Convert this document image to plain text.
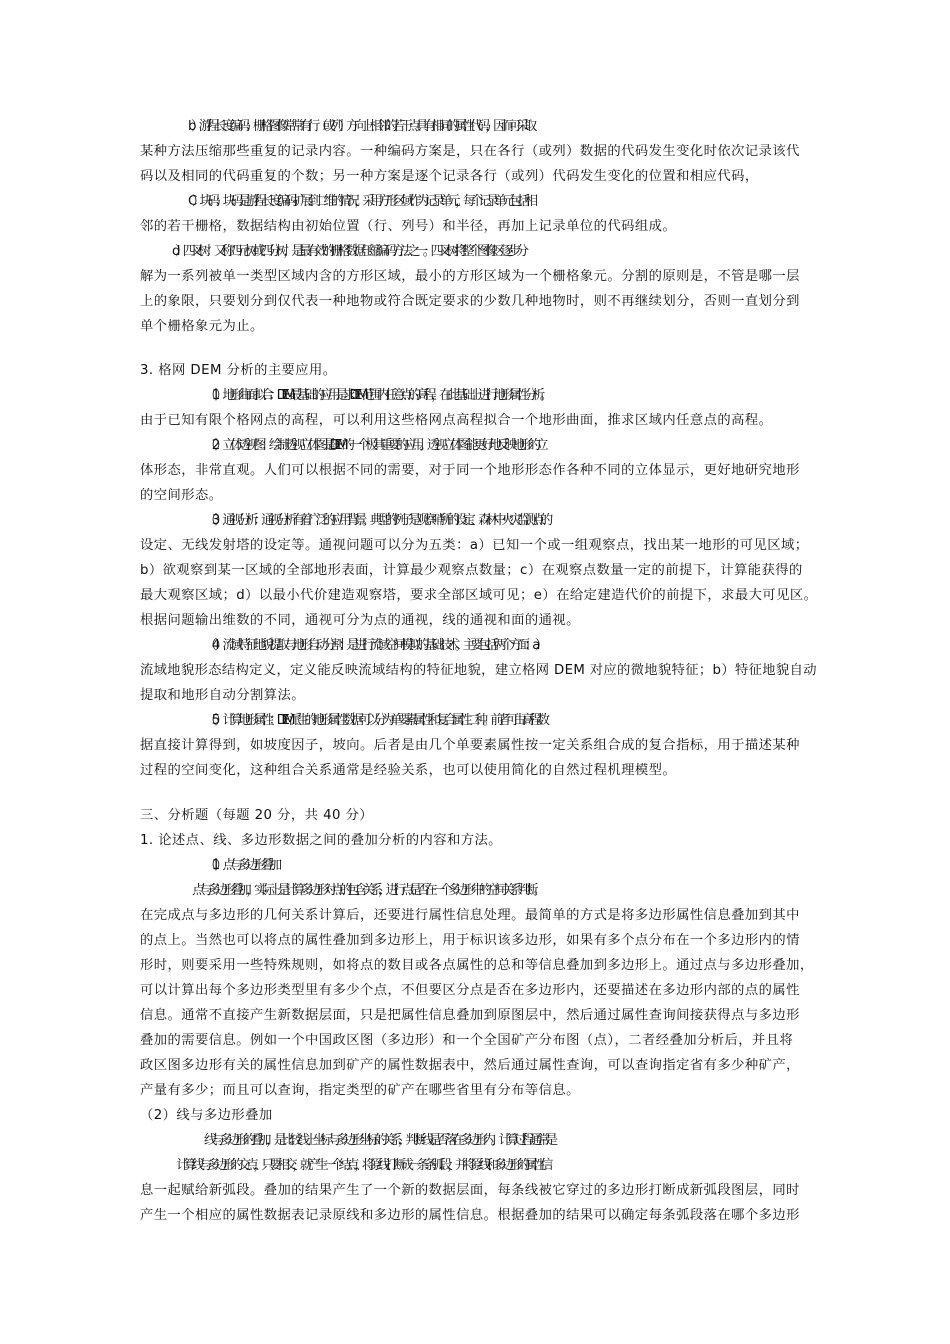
b）游程长度编码：栅格图像常常有行（或列）方向上相邻的若干点具有相同的属性代码，因而可采取
某种方法压缩那些重复的记录内容。一种编码方案是，只在各行（或列）数据的代码发生变化时依次记录该代
码以及相同的代码重复的个数；另一种方案是逐个记录各行（或列）代码发生变化的位置和相应代码，
C）块码：块码是游程长度编码扩展到二维的情况，采用方形区域作为记录单元，每个记录单元包括相
邻的若干栅格，数据结构由初始位置（行、列号）和半径，再加上记录单位的代码组成。
d）四叉树：又称四元树或四分树，是最有效的栅格数据压缩编码方法之一。四叉树将整个图像区逐步分
解为一系列被单一类型区域内含的方形区域，最小的方形区域为一个栅格象元。分割的原则是，不管是哪一层
上的象限，只要划分到仅代表一种地物或符合既定要求的少数几种地物时，则不再继续划分，否则一直划分到
单个栅格象元为止。
3. 格网 DEM 分析的主要应用。
（1）地形曲面拟合：DEM 最基础的应用是求 DEM 范围内任意点的高程，在此基础上进行地形属性分析。
由于已知有限个格网点的高程，可以利用这些格网点高程拟合一个地形曲面，推求区域内任意点的高程。
（2）立体透视图：绘制透视立体图是 DEM 的一个极其重要的应用。透视立体图能更好地反映地形的立
体形态，非常直观。人们可以根据不同的需要，对于同一个地形形态作各种不同的立体显示，更好地研究地形
的空间形态。
（3）通视分析：通视分析有着广泛的应用背景。典型的例子是观察哨所的设定、森林中火灾监测点的
设定、无线发射塔的设定等。通视问题可以分为五类：a）已知一个或一组观察点，找出某一地形的可见区域；
b）欲观察到某一区域的全部地形表面，计算最少观察点数量；c）在观察点数量一定的前提下，计算能获得的
最大观察区域；d）以最小代价建造观察塔，要求全部区域可见；e）在给定建造代价的前提下，求最大可见区。
根据问题输出维数的不同，通视可分为点的通视，线的通视和面的通视。
（4）流域特征地貌提取与地形自动分割：是进行流域空间模拟的基础技术。主要包括两个方面：a）
流域地貌形态结构定义，定义能反映流域结构的特征地貌，建立格网 DEM 对应的微地貌特征；b）特征地貌自动
提取和地形自动分割算法。
（5）计算地形属性：DEM 派生的地形属性数据可以分为单要素属性和复合属性二种。前者可由高程数
据直接计算得到，如坡度因子，坡向。后者是由几个单要素属性按一定关系组合成的复合指标，用于描述某种
过程的空间变化，这种组合关系通常是经验关系，也可以使用简化的自然过程机理模型。
三、分析题（每题 20 分，共 40 分）
1. 论述点、线、多边形数据之间的叠加分析的内容和方法。
（1）点与多边形叠加
点与多边形叠加，实际上是计算多边形对点的包含关系，进行点是否在一个多边形中的空间关系判断。
在完成点与多边形的几何关系计算后，还要进行属性信息处理。最简单的方式是将多边形属性信息叠加到其中
的点上。当然也可以将点的属性叠加到多边形上，用于标识该多边形，如果有多个点分布在一个多边形内的情
形时，则要采用一些特殊规则，如将点的数目或各点属性的总和等信息叠加到多边形上。通过点与多边形叠加，
可以计算出每个多边形类型里有多少个点，不但要区分点是否在多边形内，还要描述在多边形内部的点的属性
信息。通常不直接产生新数据层面，只是把属性信息叠加到原图层中，然后通过属性查询间接获得点与多边形
叠加的需要信息。例如一个中国政区图（多边形）和一个全国矿产分布图（点），二者经叠加分析后，并且将
政区图多边形有关的属性信息加到矿产的属性数据表中，然后通过属性查询，可以查询指定省有多少种矿产，
产量有多少；而且可以查询，指定类型的矿产在哪些省里有分布等信息。
（2）线与多边形叠加
线与多边形的叠加，是比较线上坐标与多边形坐标的关系，判断线是否落在多边形内。计算过程通常是
计算线与多边形的交点，只要相交，就产生一个结点，将原线打断成一条条弧段，并将原线和多边形的属性信
息一起赋给新弧段。叠加的结果产生了一个新的数据层面，每条线被它穿过的多边形打断成新弧段图层，同时
产生一个相应的属性数据表记录原线和多边形的属性信息。根据叠加的结果可以确定每条弧段落在哪个多边形
